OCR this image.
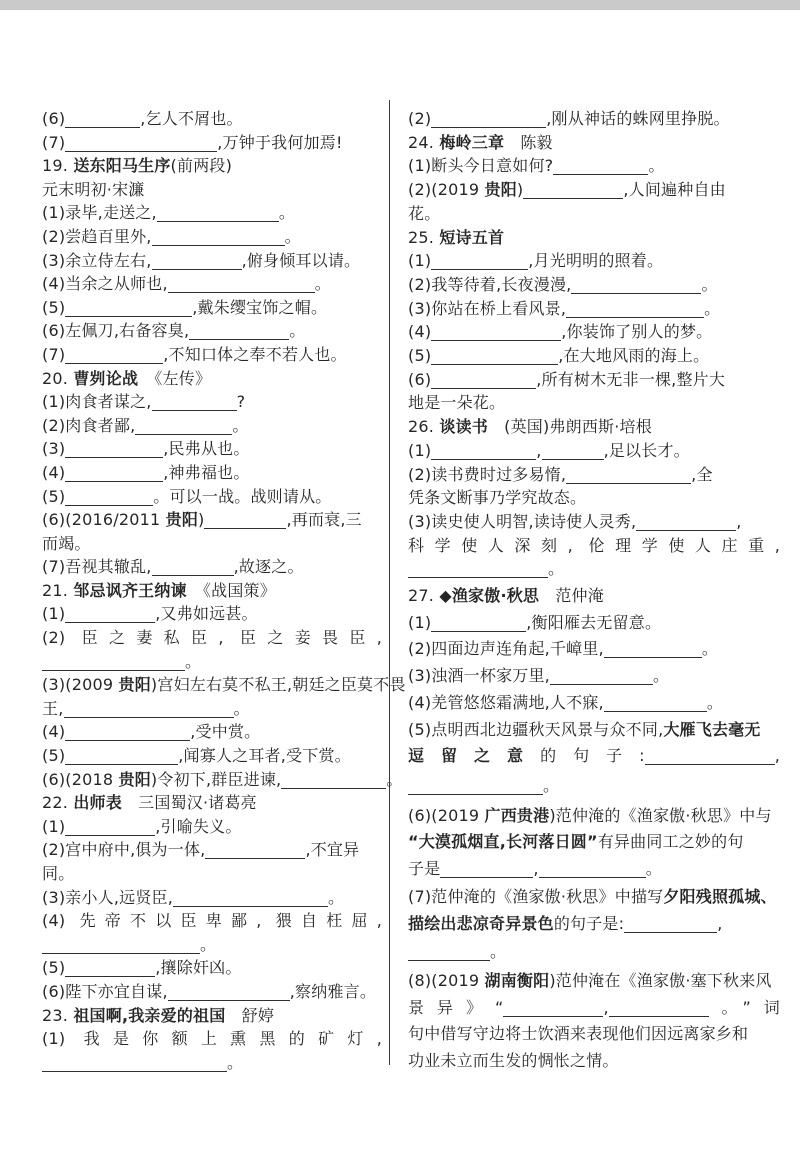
(6)	,乞人不屑也。
(7)	,万钟于我何加焉!
19. 送东阳马生序(前两段)
元末明初·宋濂
(1)录毕,走送之,	。
(2)尝趋百里外,	。
(3)余立侍左右,	,俯身倾耳以请。
(4)当余之从师也,	。
(5)	,戴朱缨宝饰之帽。
(6)左佩刀,右备容臭,	。
(7)	,不知口体之奉不若人也。
20. 曹刿论战　《左传》
(1)肉食者谋之,	?
(2)肉食者鄙,	。
(3)	,民弗从也。
(4)	,神弗福也。
(5)	。可以一战。战则请从。
(6)(2016/2011 贵阳)	,再而衰,三
而竭。
(7)吾视其辙乱,	,故逐之。
21. 邹忌讽齐王纳谏　《战国策》
(1)	,又弗如远甚。
(2) 臣之妻私臣, 臣之妾畏臣,
。
(3)(2009 贵阳)宫妇左右莫不私王,朝廷之臣莫不畏
王,	。
(4)	,受中赏。
(5)	,闻寡人之耳者,受下赏。
(6)(2018 贵阳)令初下,群臣进谏,	。
22. 出师表　三国蜀汉·诸葛亮
(1)	,引喻失义。
(2)宫中府中,俱为一体,	,不宜异
同。
(3)亲小人,远贤臣,	。
(4) 先帝不以臣卑鄙, 猥自枉屈,
。
(5)	,攘除奸凶。
(6)陛下亦宜自谋,	,察纳雅言。
23. 祖国啊,我亲爱的祖国　舒婷
(1) 我是你额上熏黑的矿灯,
。
(2)	,刚从神话的蛛网里挣脱。
24. 梅岭三章　陈毅
(1)断头今日意如何?	。
(2)(2019 贵阳)	,人间遍种自由
花。
25. 短诗五首
(1)	,月光明明的照着。
(2)我等待着,长夜漫漫,	。
(3)你站在桥上看风景,	。
(4)	,你装饰了别人的梦。
(5)	,在大地风雨的海上。
(6)	,所有树木无非一棵,整片大
地是一朵花。
26. 谈读书　(英国)弗朗西斯·培根
(1)	,	,足以长才。
(2)读书费时过多易惰,	,全
凭条文断事乃学究故态。
(3)读史使人明智,读诗使人灵秀,	,
科学使人深刻, 伦理学使人庄重,
。
27. ◆渔家傲·秋思　范仲淹
(1)	,衡阳雁去无留意。
(2)四面边声连角起,千嶂里,	。
(3)浊酒一杯家万里,	。
(4)羌管悠悠霜满地,人不寐,	。
(5)点明西北边疆秋天风景与众不同,大雁飞去毫无
逗留之意的句子:	,
。
(6)(2019 广西贵港)范仲淹的《渔家傲·秋思》中与
“大漠孤烟直,长河落日圆”有异曲同工之妙的句
子是	,	。
(7)范仲淹的《渔家傲·秋思》中描写夕阳残照孤城、
描绘出悲凉奇异景色的句子是:	,
。
(8)(2019 湖南衡阳)范仲淹在《渔家傲·塞下秋来风
景异》“	,	。”词
句中借写守边将士饮酒来表现他们因远离家乡和
功业未立而生发的惆怅之情。
